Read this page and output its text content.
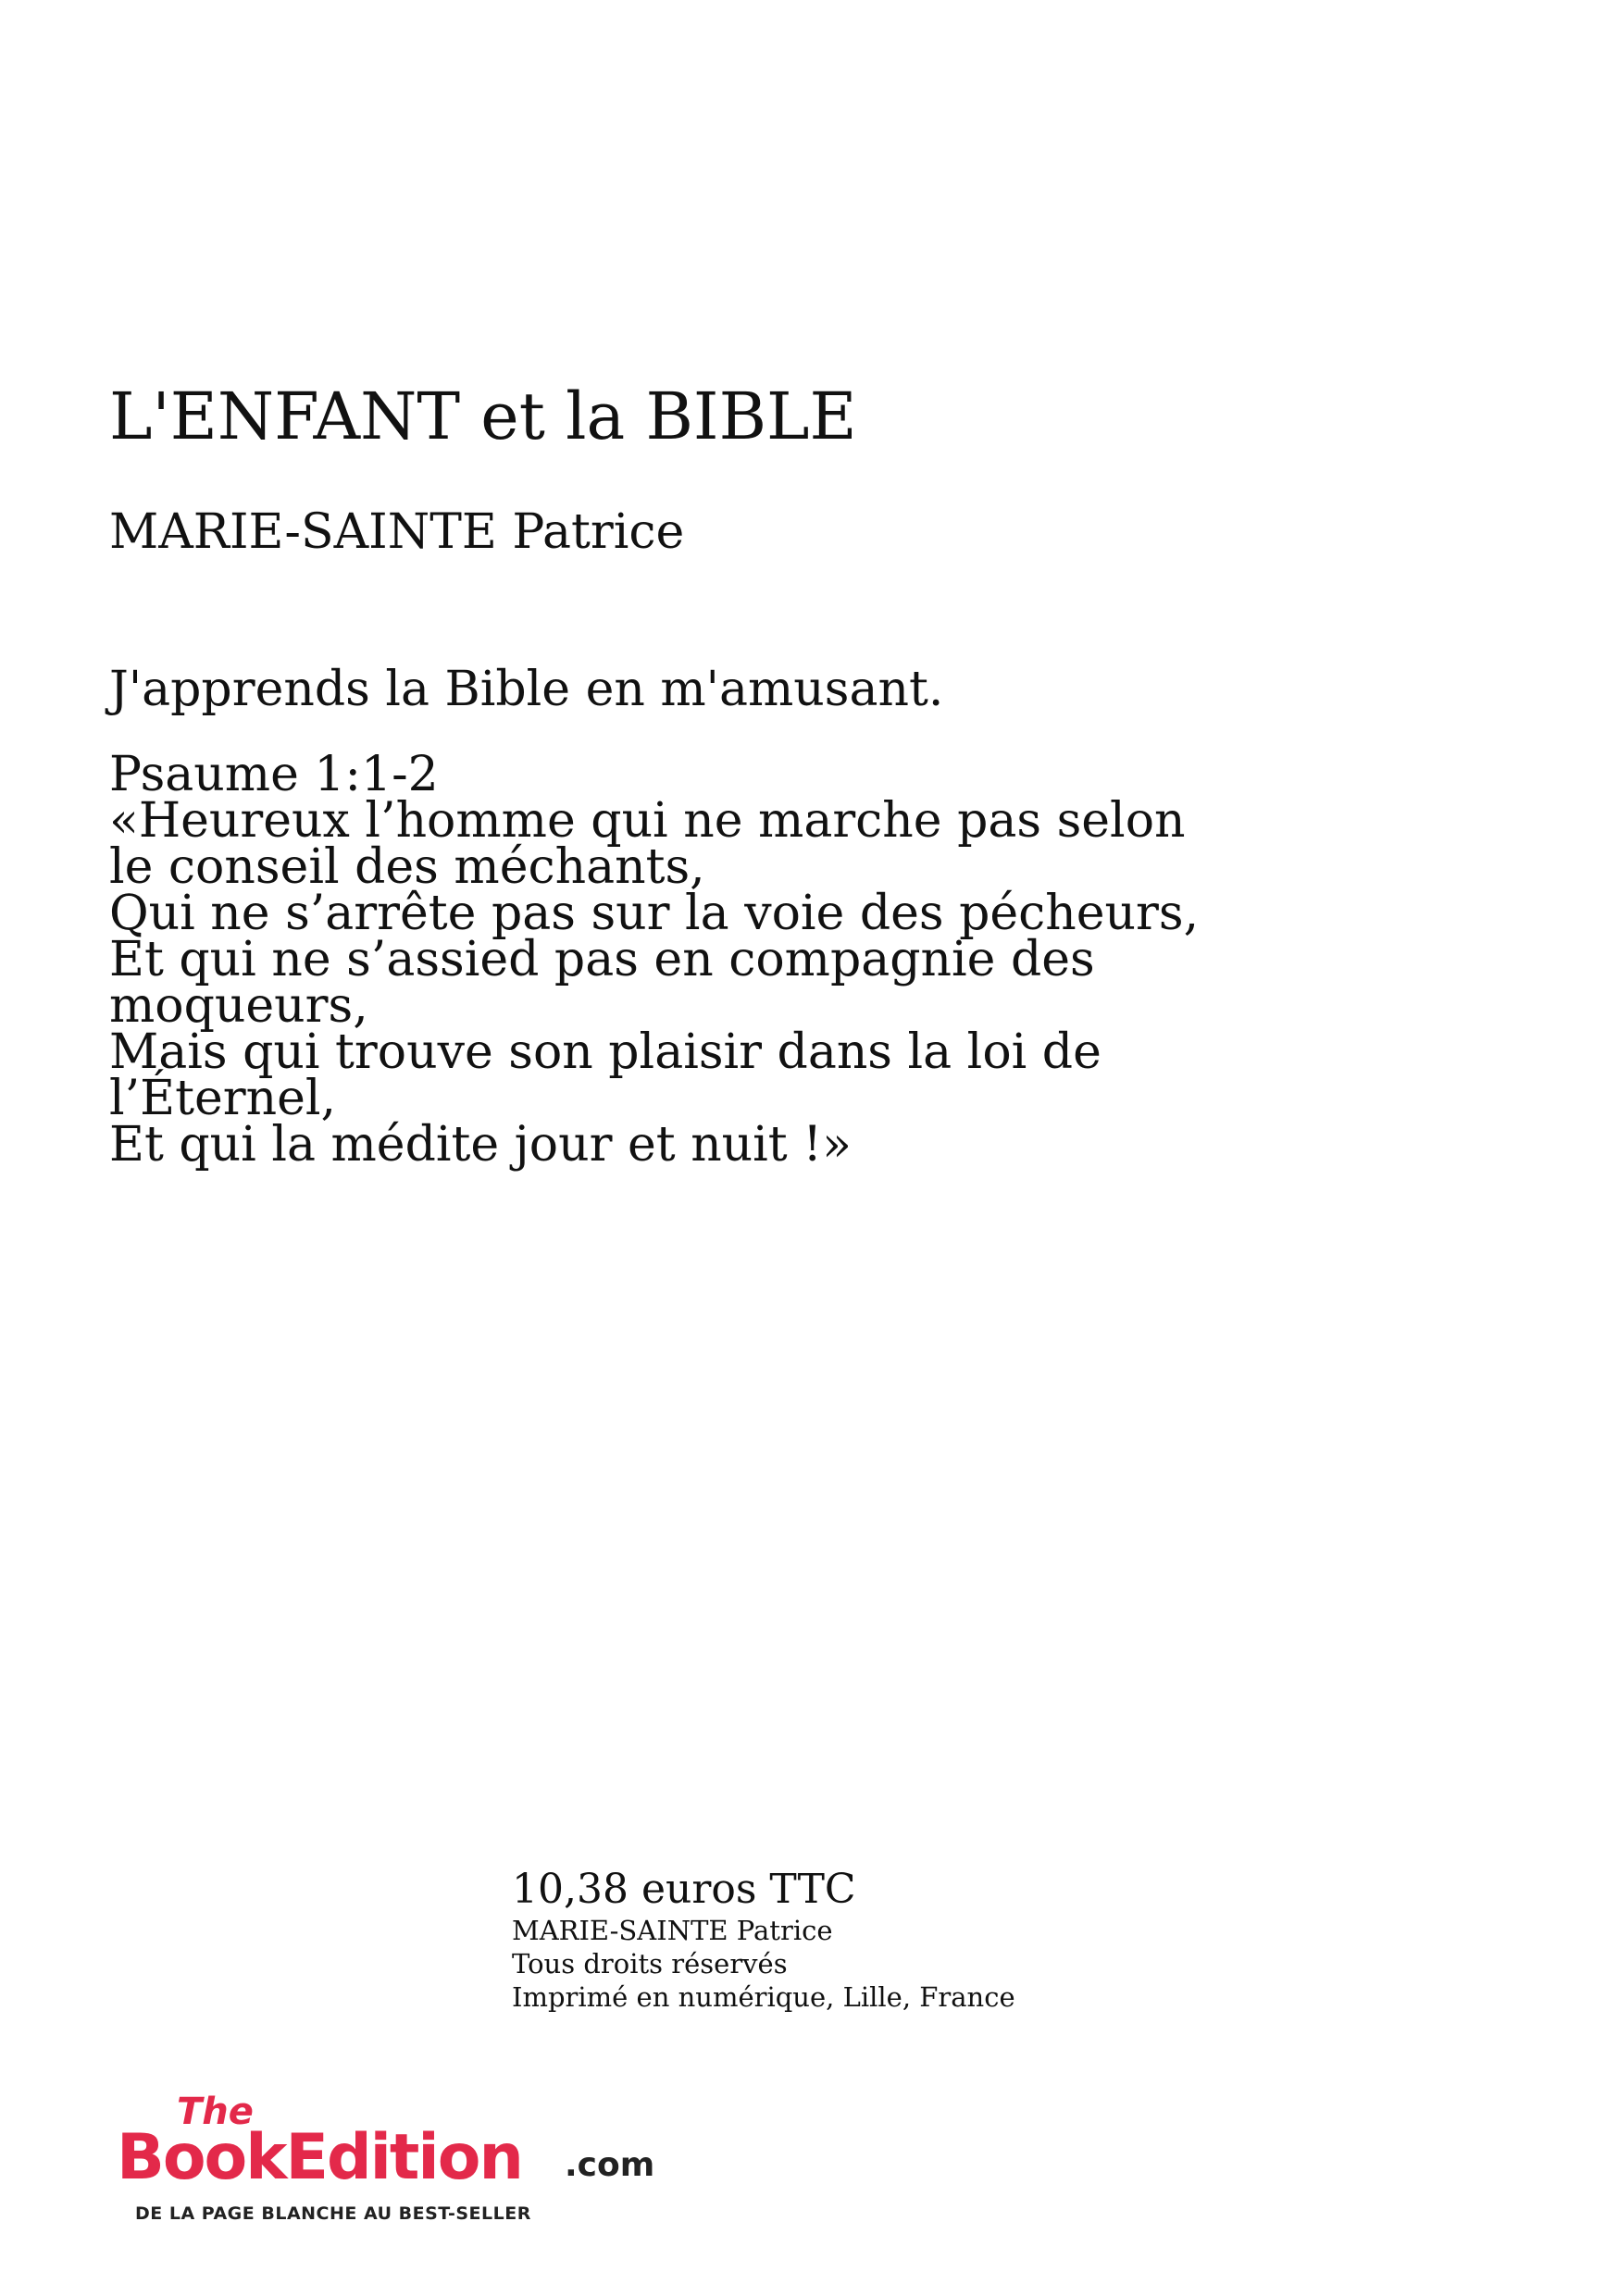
L'ENFANT et la BIBLE
MARIE-SAINTE Patrice
J'apprends la Bible en m'amusant.
Psaume 1:1-2
«Heureux l’homme qui ne marche pas selon
le conseil des méchants,
Qui ne s’arrête pas sur la voie des pécheurs,
Et qui ne s’assied pas en compagnie des
moqueurs,
Mais qui trouve son plaisir dans la loi de
l’Éternel,
Et qui la médite jour et nuit !»
10,38 euros TTC
MARIE-SAINTE Patrice
Tous droits réservés
Imprimé en numérique, Lille, France
The
BookEdition .com
DE LA PAGE BLANCHE AU BEST-SELLER
